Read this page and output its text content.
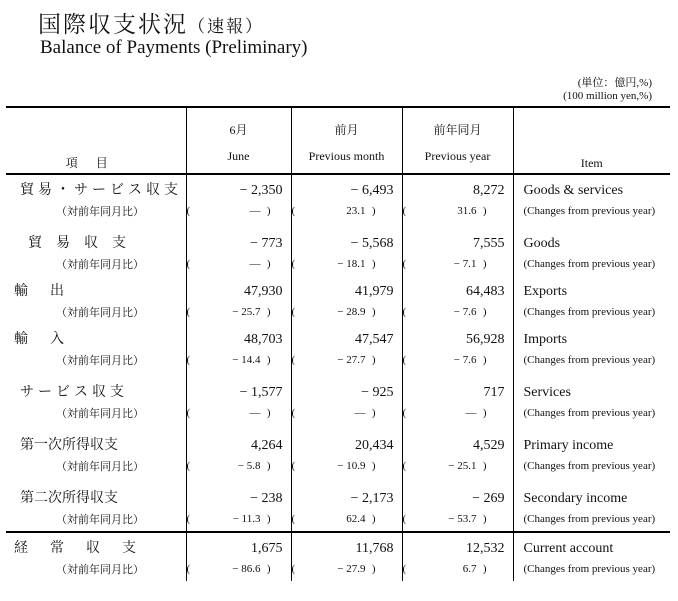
国際収支状況（速報）
Balance of Payments (Preliminary)
(単位：億円,%)
(100 million yen,%)
項目	6月	前月	前年同月	Item
	June	Previous month	Previous year	
貿易・サービス収支	− 2,350	− 6,493	8,272	Goods & services
（対前年同月比）	( — )	( 23.1 )	( 31.6 )	(Changes from previous year)
貿易収支	− 773	− 5,568	7,555	Goods
（対前年同月比）	( — )	( − 18.1 )	( − 7.1 )	(Changes from previous year)
輸出	47,930	41,979	64,483	Exports
（対前年同月比）	( − 25.7 )	( − 28.9 )	( − 7.6 )	(Changes from previous year)
輸入	48,703	47,547	56,928	Imports
（対前年同月比）	( − 14.4 )	( − 27.7 )	( − 7.6 )	(Changes from previous year)
サービス収支	− 1,577	− 925	717	Services
（対前年同月比）	( — )	( — )	( — )	(Changes from previous year)
第一次所得収支	4,264	20,434	4,529	Primary income
（対前年同月比）	( − 5.8 )	( − 10.9 )	( − 25.1 )	(Changes from previous year)
第二次所得収支	− 238	− 2,173	− 269	Secondary income
（対前年同月比）	( − 11.3 )	( 62.4 )	( − 53.7 )	(Changes from previous year)
経常収支	1,675	11,768	12,532	Current account
（対前年同月比）	( − 86.6 )	( − 27.9 )	( 6.7 )	(Changes from previous year)
